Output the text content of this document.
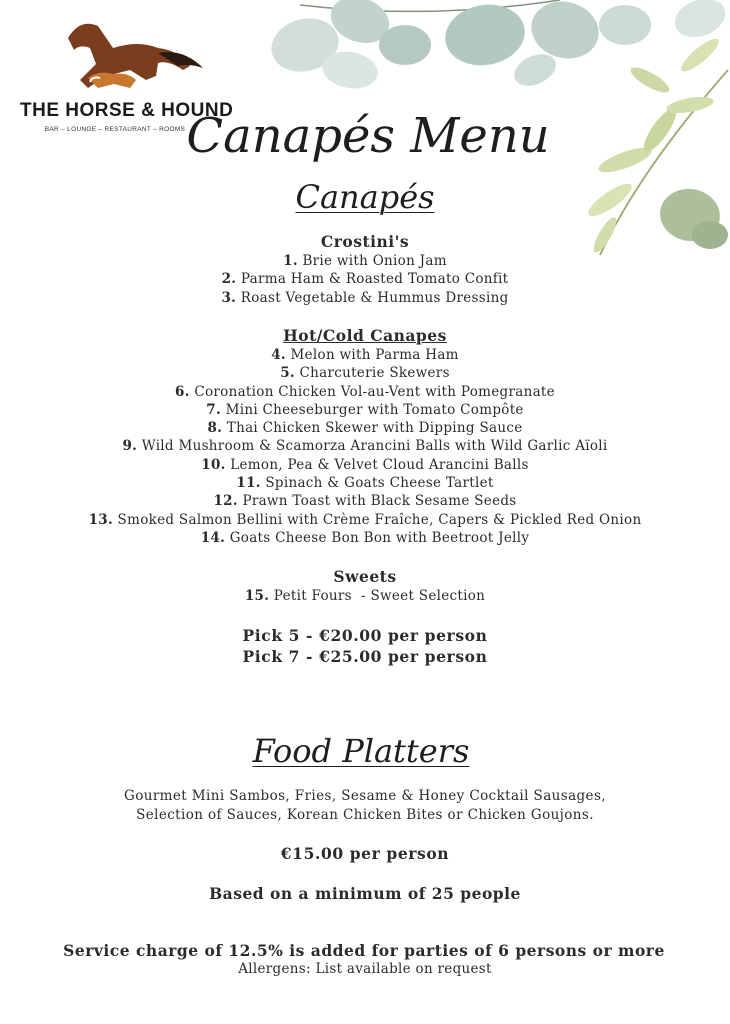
THE HORSE & HOUND
BAR – LOUNGE – RESTAURANT – ROOMS Canapés Menu
Canapés
Crostini's
1. Brie with Onion Jam
2. Parma Ham & Roasted Tomato Confit
3. Roast Vegetable & Hummus Dressing
Hot/Cold Canapes
4. Melon with Parma Ham
5. Charcuterie Skewers
6. Coronation Chicken Vol-au-Vent with Pomegranate
7. Mini Cheeseburger with Tomato Compôte
8. Thai Chicken Skewer with Dipping Sauce
9. Wild Mushroom & Scamorza Arancini Balls with Wild Garlic Aïoli
10. Lemon, Pea & Velvet Cloud Arancini Balls
11. Spinach & Goats Cheese Tartlet
12. Prawn Toast with Black Sesame Seeds
13. Smoked Salmon Bellini with Crème Fraîche, Capers & Pickled Red Onion
14. Goats Cheese Bon Bon with Beetroot Jelly
Sweets
15. Petit Fours  - Sweet Selection
Pick 5 - €20.00 per person
Pick 7 - €25.00 per person
Food Platters
Gourmet Mini Sambos, Fries, Sesame & Honey Cocktail Sausages,
Selection of Sauces, Korean Chicken Bites or Chicken Goujons.
€15.00 per person
Based on a minimum of 25 people
Service charge of 12.5% is added for parties of 6 persons or more
Allergens: List available on request
